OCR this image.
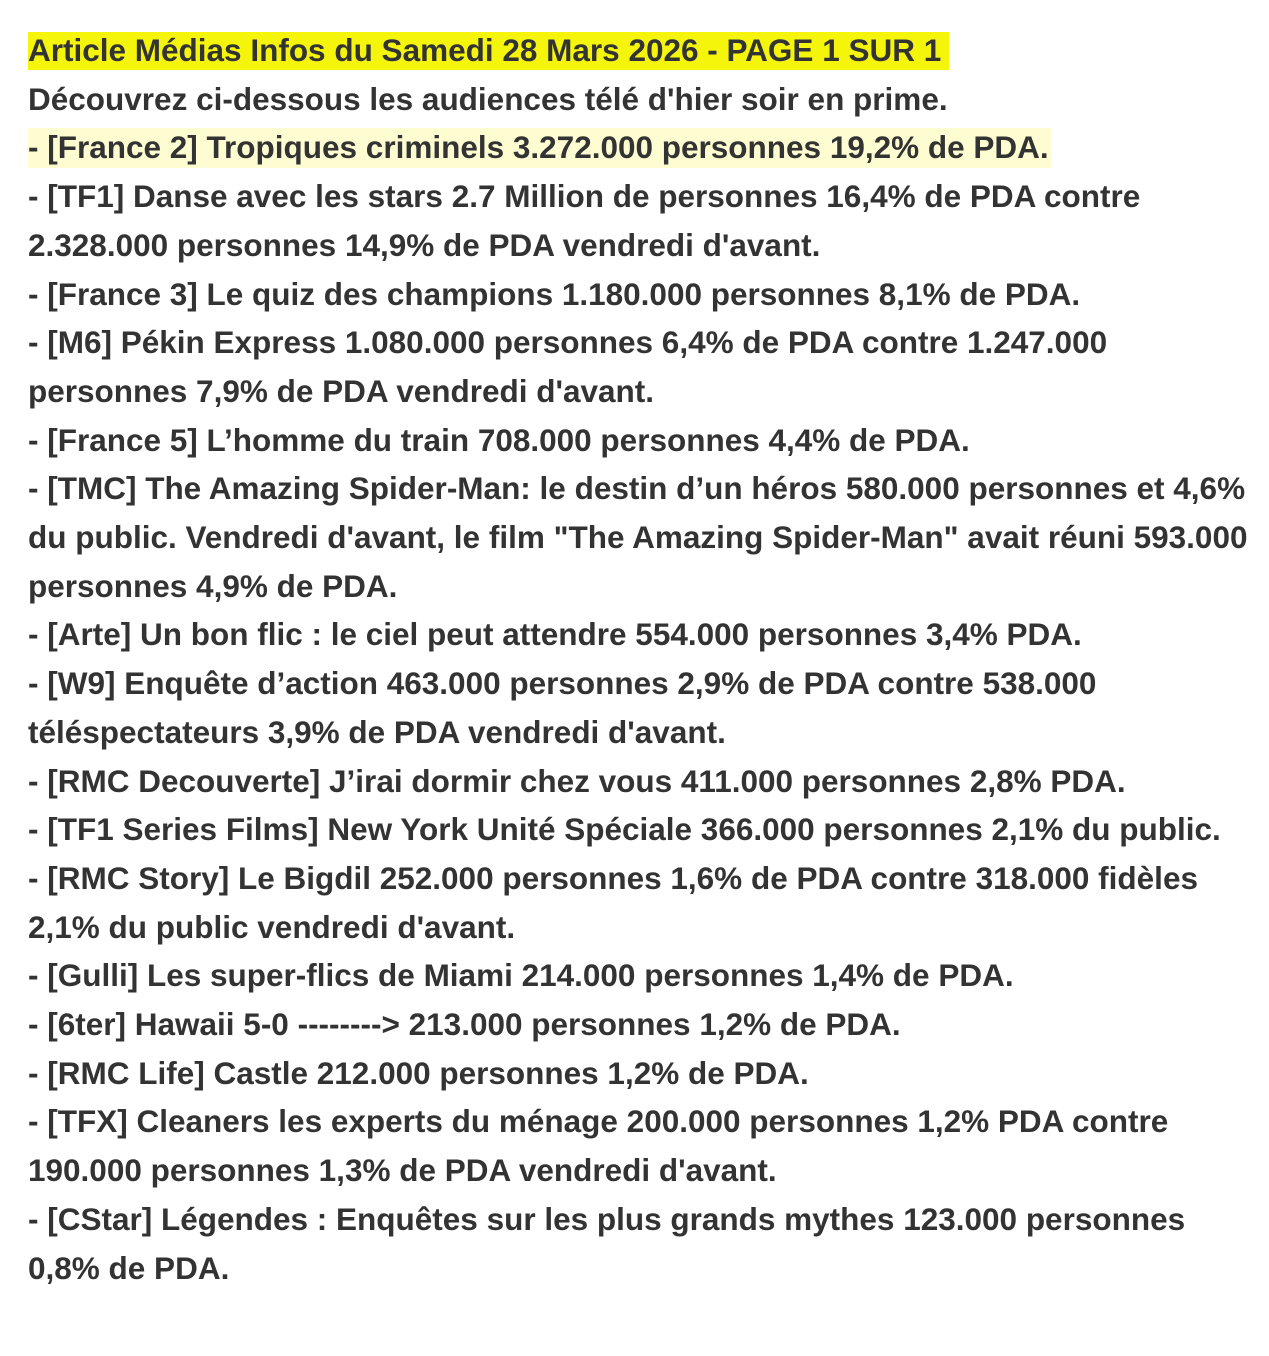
Article Médias Infos du Samedi 28 Mars 2026 - PAGE 1 SUR 1

Découvrez ci-dessous les audiences télé d'hier soir en prime.

- [France 2] Tropiques criminels 3.272.000 personnes 19,2% de PDA.

- [TF1] Danse avec les stars 2.7 Million de personnes 16,4% de PDA contre 2.328.000 personnes 14,9% de PDA vendredi d'avant.

- [France 3] Le quiz des champions 1.180.000 personnes 8,1% de PDA.

- [M6] Pékin Express 1.080.000 personnes 6,4% de PDA contre 1.247.000 personnes 7,9% de PDA vendredi d'avant.

- [France 5] L’homme du train 708.000 personnes 4,4% de PDA.

- [TMC] The Amazing Spider-Man: le destin d’un héros 580.000 personnes et 4,6% du public. Vendredi d'avant, le film "The Amazing Spider-Man" avait réuni 593.000 personnes 4,9% de PDA.

- [Arte] Un bon flic : le ciel peut attendre 554.000 personnes 3,4% PDA.

- [W9] Enquête d’action 463.000 personnes 2,9% de PDA contre 538.000 téléspectateurs 3,9% de PDA vendredi d'avant.

- [RMC Decouverte] J’irai dormir chez vous 411.000 personnes 2,8% PDA.

- [TF1 Series Films] New York Unité Spéciale 366.000 personnes 2,1% du public.

- [RMC Story] Le Bigdil 252.000 personnes 1,6% de PDA contre 318.000 fidèles 2,1% du public vendredi d'avant.

- [Gulli] Les super-flics de Miami 214.000 personnes 1,4% de PDA.

- [6ter] Hawaii 5-0 --------> 213.000 personnes 1,2% de PDA.

- [RMC Life] Castle 212.000 personnes 1,2% de PDA.

- [TFX] Cleaners les experts du ménage 200.000 personnes 1,2% PDA contre 190.000 personnes 1,3% de PDA vendredi d'avant.

- [CStar] Légendes : Enquêtes sur les plus grands mythes 123.000 personnes 0,8% de PDA.
